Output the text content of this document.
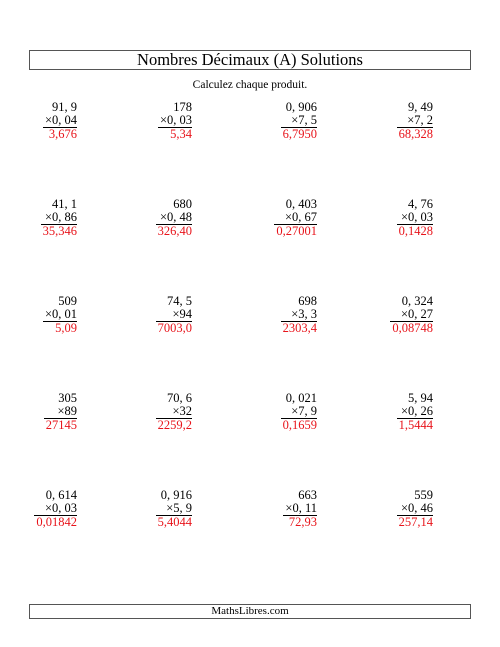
Nombres Décimaux (A) Solutions
Calculez chaque produit.
91, 9
×0, 04
3,676
178
×0, 03
5,34
0, 906
×7, 5
6,7950
9, 49
×7, 2
68,328
41, 1
×0, 86
35,346
680
×0, 48
326,40
0, 403
×0, 67
0,27001
4, 76
×0, 03
0,1428
509
×0, 01
5,09
74, 5
×94
7003,0
698
×3, 3
2303,4
0, 324
×0, 27
0,08748
305
×89
27145
70, 6
×32
2259,2
0, 021
×7, 9
0,1659
5, 94
×0, 26
1,5444
0, 614
×0, 03
0,01842
0, 916
×5, 9
5,4044
663
×0, 11
72,93
559
×0, 46
257,14
MathsLibres.com
